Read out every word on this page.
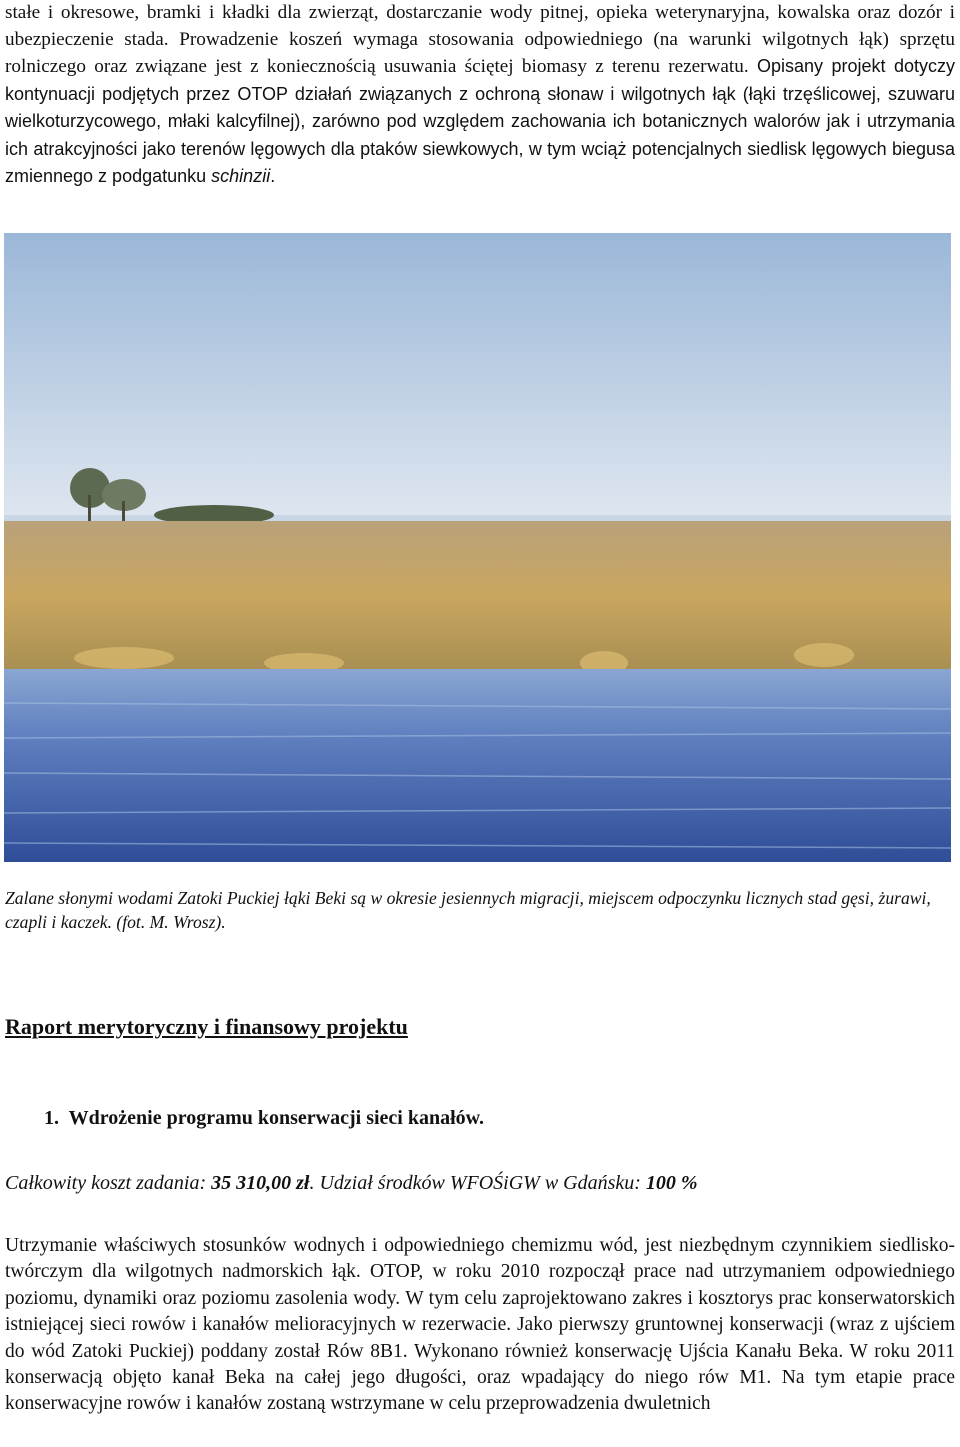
stałe i okresowe, bramki i kładki dla zwierząt, dostarczanie wody pitnej, opieka weterynaryjna, kowalska oraz dozór i ubezpieczenie stada. Prowadzenie koszeń wymaga stosowania odpowiedniego (na warunki wilgotnych łąk) sprzętu rolniczego oraz związane jest z koniecznością usuwania ściętej biomasy z terenu rezerwatu. Opisany projekt dotyczy kontynuacji podjętych przez OTOP działań związanych z ochroną słonaw i wilgotnych łąk (łąki trzęślicowej, szuwaru wielkoturzycowego, młaki kalcyfilnej), zarówno pod względem zachowania ich botanicznych walorów jak i utrzymania ich atrakcyjności jako terenów lęgowych dla ptaków siewkowych, w tym wciąż potencjalnych siedlisk lęgowych biegusa zmiennego z podgatunku schinzii.

Zalane słonymi wodami Zatoki Puckiej łąki Beki są w okresie jesiennych migracji, miejscem odpoczynku licznych stad gęsi, żurawi, czapli i kaczek. (fot. M. Wrosz).

Raport merytoryczny i finansowy projektu
1. Wdrożenie programu konserwacji sieci kanałów.

Całkowity koszt zadania: 35 310,00 zł. Udział środków WFOŚiGW w Gdańsku: 100 %

Utrzymanie właściwych stosunków wodnych i odpowiedniego chemizmu wód, jest niezbędnym czynnikiem siedlisko-twórczym dla wilgotnych nadmorskich łąk. OTOP, w roku 2010 rozpoczął prace nad utrzymaniem odpowiedniego poziomu, dynamiki oraz poziomu zasolenia wody. W tym celu zaprojektowano zakres i kosztorys prac konserwatorskich istniejącej sieci rowów i kanałów melioracyjnych w rezerwacie. Jako pierwszy gruntownej konserwacji (wraz z ujściem do wód Zatoki Puckiej) poddany został Rów 8B1. Wykonano również konserwację Ujścia Kanału Beka. W roku 2011 konserwacją objęto kanał Beka na całej jego długości, oraz wpadający do niego rów M1. Na tym etapie prace konserwacyjne rowów i kanałów zostaną wstrzymane w celu przeprowadzenia dwuletnich
